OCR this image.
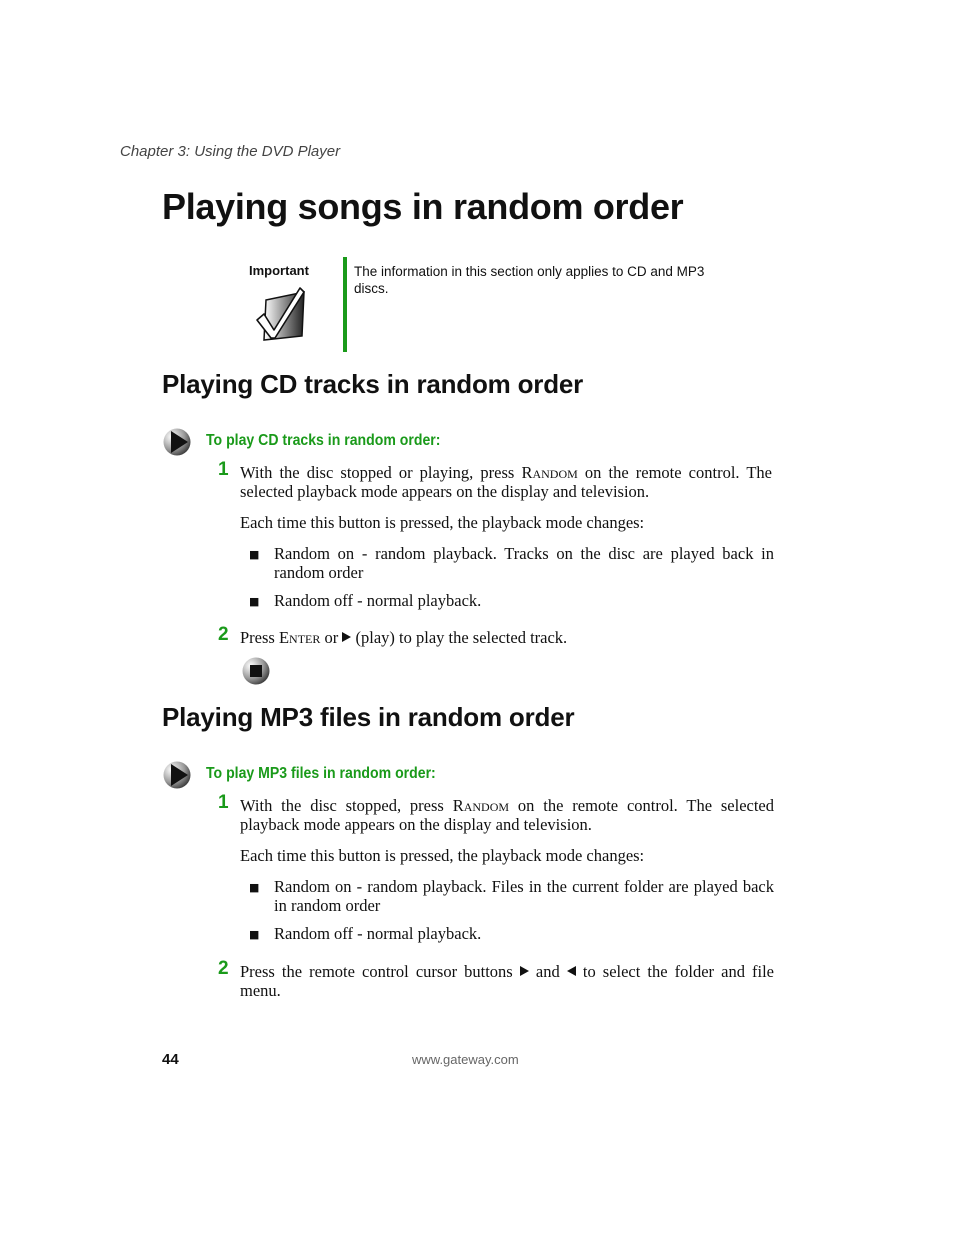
Chapter 3: Using the DVD Player
Playing songs in random order
Important	The information in this section only applies to CD and MP3 discs.
Playing CD tracks in random order
To play CD tracks in random order:
1 With the disc stopped or playing, press Random on the remote control. The selected playback mode appears on the display and television.
Each time this button is pressed, the playback mode changes:
■ Random on - random playback. Tracks on the disc are played back in random order
■ Random off - normal playback.
2 Press Enter or (play) to play the selected track.
Playing MP3 files in random order
To play MP3 files in random order:
1 With the disc stopped, press Random on the remote control. The selected playback mode appears on the display and television.
Each time this button is pressed, the playback mode changes:
■ Random on - random playback. Files in the current folder are played back in random order
■ Random off - normal playback.
2 Press the remote control cursor buttons and to select the folder and file menu.
44	www.gateway.com
